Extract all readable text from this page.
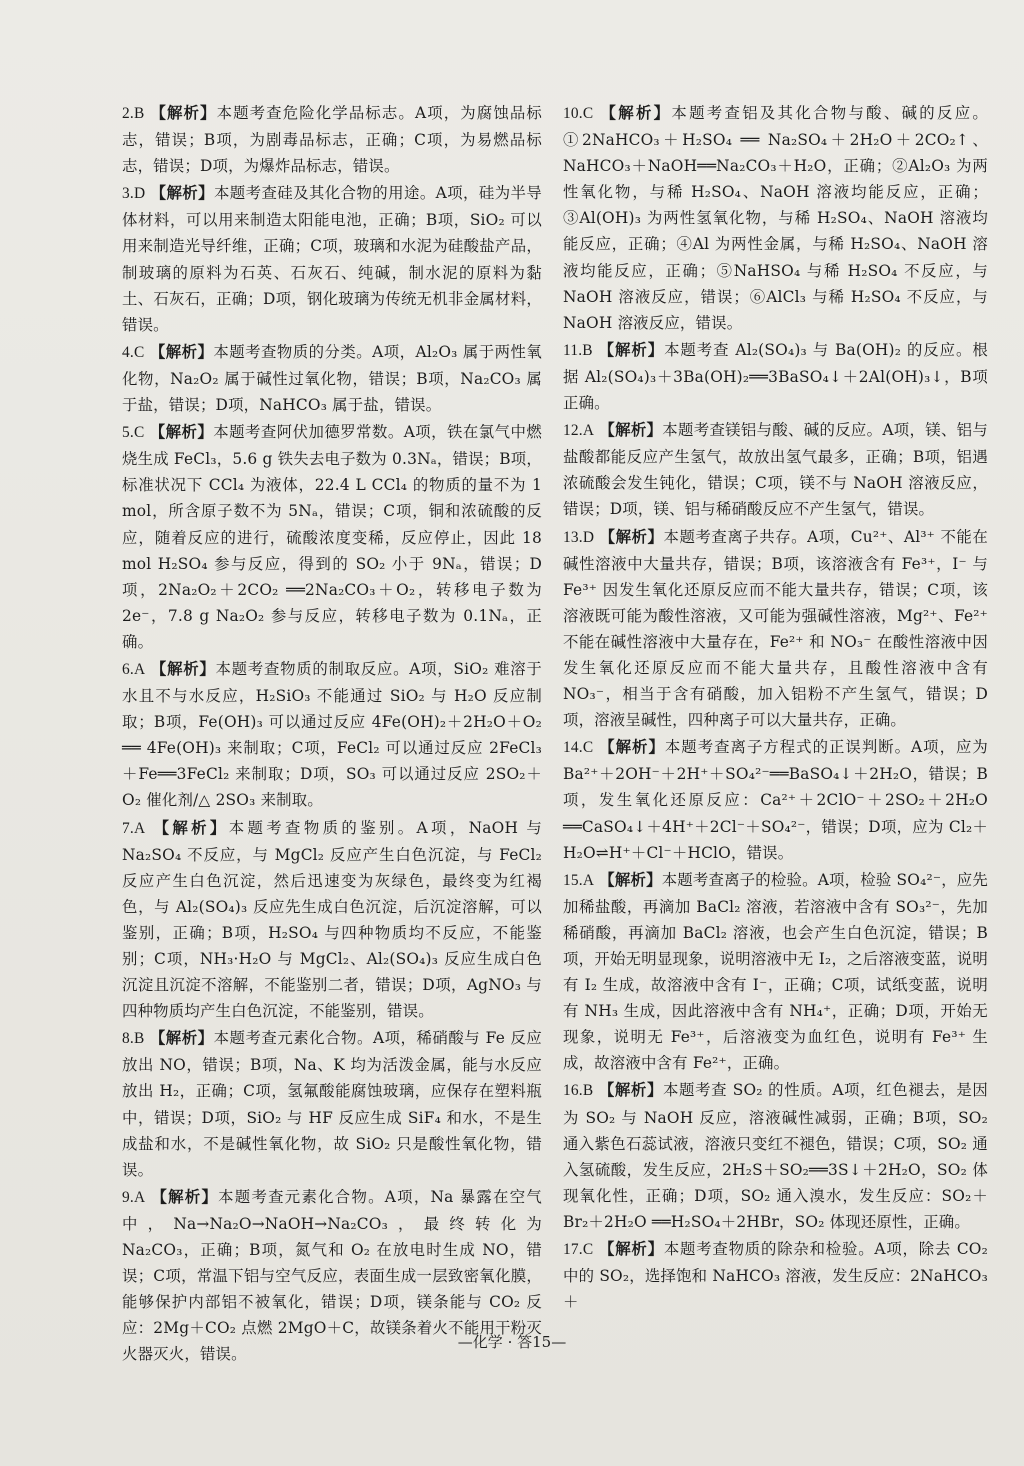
2.B 【解析】本题考查危险化学品标志。A项，为腐蚀品标志，错误；B项，为剧毒品标志，正确；C项，为易燃品标志，错误；D项，为爆炸品标志，错误。

3.D 【解析】本题考查硅及其化合物的用途。A项，硅为半导体材料，可以用来制造太阳能电池，正确；B项，SiO₂ 可以用来制造光导纤维，正确；C项，玻璃和水泥为硅酸盐产品，制玻璃的原料为石英、石灰石、纯碱，制水泥的原料为黏土、石灰石，正确；D项，钢化玻璃为传统无机非金属材料，错误。

4.C 【解析】本题考查物质的分类。A项，Al₂O₃ 属于两性氧化物，Na₂O₂ 属于碱性过氧化物，错误；B项，Na₂CO₃ 属于盐，错误；D项，NaHCO₃ 属于盐，错误。

5.C 【解析】本题考查阿伏加德罗常数。A项，铁在氯气中燃烧生成 FeCl₃，5.6 g 铁失去电子数为 0.3Nₐ，错误；B项，标准状况下 CCl₄ 为液体，22.4 L CCl₄ 的物质的量不为 1 mol，所含原子数不为 5Nₐ，错误；C项，铜和浓硫酸的反应，随着反应的进行，硫酸浓度变稀，反应停止，因此 18 mol H₂SO₄ 参与反应，得到的 SO₂ 小于 9Nₐ，错误；D项，2Na₂O₂＋2CO₂ ══2Na₂CO₃＋O₂，转移电子数为 2e⁻，7.8 g Na₂O₂ 参与反应，转移电子数为 0.1Nₐ，正确。

6.A 【解析】本题考查物质的制取反应。A项，SiO₂ 难溶于水且不与水反应，H₂SiO₃ 不能通过 SiO₂ 与 H₂O 反应制取；B项，Fe(OH)₃ 可以通过反应 4Fe(OH)₂＋2H₂O＋O₂ ══ 4Fe(OH)₃ 来制取；C项，FeCl₂ 可以通过反应 2FeCl₃＋Fe══3FeCl₂ 来制取；D项，SO₃ 可以通过反应 2SO₂＋O₂ 催化剂/△ 2SO₃ 来制取。

7.A 【解析】本题考查物质的鉴别。A项，NaOH 与 Na₂SO₄ 不反应，与 MgCl₂ 反应产生白色沉淀，与 FeCl₂ 反应产生白色沉淀，然后迅速变为灰绿色，最终变为红褐色，与 Al₂(SO₄)₃ 反应先生成白色沉淀，后沉淀溶解，可以鉴别，正确；B项，H₂SO₄ 与四种物质均不反应，不能鉴别；C项，NH₃·H₂O 与 MgCl₂、Al₂(SO₄)₃ 反应生成白色沉淀且沉淀不溶解，不能鉴别二者，错误；D项，AgNO₃ 与四种物质均产生白色沉淀，不能鉴别，错误。

8.B 【解析】本题考查元素化合物。A项，稀硝酸与 Fe 反应放出 NO，错误；B项，Na、K 均为活泼金属，能与水反应放出 H₂，正确；C项，氢氟酸能腐蚀玻璃，应保存在塑料瓶中，错误；D项，SiO₂ 与 HF 反应生成 SiF₄ 和水，不是生成盐和水，不是碱性氧化物，故 SiO₂ 只是酸性氧化物，错误。

9.A 【解析】本题考查元素化合物。A项，Na 暴露在空气中，Na→Na₂O→NaOH→Na₂CO₃，最终转化为 Na₂CO₃，正确；B项，氮气和 O₂ 在放电时生成 NO，错误；C项，常温下铝与空气反应，表面生成一层致密氧化膜，能够保护内部铝不被氧化，错误；D项，镁条能与 CO₂ 反应：2Mg＋CO₂ 点燃 2MgO＋C，故镁条着火不能用干粉灭火器灭火，错误。

10.C 【解析】本题考查铝及其化合物与酸、碱的反应。①2NaHCO₃＋H₂SO₄ ══ Na₂SO₄＋2H₂O＋2CO₂↑、NaHCO₃＋NaOH══Na₂CO₃＋H₂O，正确；②Al₂O₃ 为两性氧化物，与稀 H₂SO₄、NaOH 溶液均能反应，正确；③Al(OH)₃ 为两性氢氧化物，与稀 H₂SO₄、NaOH 溶液均能反应，正确；④Al 为两性金属，与稀 H₂SO₄、NaOH 溶液均能反应，正确；⑤NaHSO₄ 与稀 H₂SO₄ 不反应，与 NaOH 溶液反应，错误；⑥AlCl₃ 与稀 H₂SO₄ 不反应，与 NaOH 溶液反应，错误。

11.B 【解析】本题考查 Al₂(SO₄)₃ 与 Ba(OH)₂ 的反应。根据 Al₂(SO₄)₃＋3Ba(OH)₂══3BaSO₄↓＋2Al(OH)₃↓，B项正确。

12.A 【解析】本题考查镁铝与酸、碱的反应。A项，镁、铝与盐酸都能反应产生氢气，故放出氢气最多，正确；B项，铝遇浓硫酸会发生钝化，错误；C项，镁不与 NaOH 溶液反应，错误；D项，镁、铝与稀硝酸反应不产生氢气，错误。

13.D 【解析】本题考查离子共存。A项，Cu²⁺、Al³⁺ 不能在碱性溶液中大量共存，错误；B项，该溶液含有 Fe³⁺，I⁻ 与 Fe³⁺ 因发生氧化还原反应而不能大量共存，错误；C项，该溶液既可能为酸性溶液，又可能为强碱性溶液，Mg²⁺、Fe²⁺ 不能在碱性溶液中大量存在，Fe²⁺ 和 NO₃⁻ 在酸性溶液中因发生氧化还原反应而不能大量共存，且酸性溶液中含有 NO₃⁻，相当于含有硝酸，加入铝粉不产生氢气，错误；D项，溶液呈碱性，四种离子可以大量共存，正确。

14.C 【解析】本题考查离子方程式的正误判断。A项，应为 Ba²⁺＋2OH⁻＋2H⁺＋SO₄²⁻══BaSO₄↓＋2H₂O，错误；B项，发生氧化还原反应：Ca²⁺＋2ClO⁻＋2SO₂＋2H₂O ══CaSO₄↓＋4H⁺＋2Cl⁻＋SO₄²⁻，错误；D项，应为 Cl₂＋H₂O⇌H⁺＋Cl⁻＋HClO，错误。

15.A 【解析】本题考查离子的检验。A项，检验 SO₄²⁻，应先加稀盐酸，再滴加 BaCl₂ 溶液，若溶液中含有 SO₃²⁻，先加稀硝酸，再滴加 BaCl₂ 溶液，也会产生白色沉淀，错误；B项，开始无明显现象，说明溶液中无 I₂，之后溶液变蓝，说明有 I₂ 生成，故溶液中含有 I⁻，正确；C项，试纸变蓝，说明有 NH₃ 生成，因此溶液中含有 NH₄⁺，正确；D项，开始无现象，说明无 Fe³⁺，后溶液变为血红色，说明有 Fe³⁺ 生成，故溶液中含有 Fe²⁺，正确。

16.B 【解析】本题考查 SO₂ 的性质。A项，红色褪去，是因为 SO₂ 与 NaOH 反应，溶液碱性减弱，正确；B项，SO₂ 通入紫色石蕊试液，溶液只变红不褪色，错误；C项，SO₂ 通入氢硫酸，发生反应，2H₂S＋SO₂══3S↓＋2H₂O，SO₂ 体现氧化性，正确；D项，SO₂ 通入溴水，发生反应：SO₂＋Br₂＋2H₂O ══H₂SO₄＋2HBr，SO₂ 体现还原性，正确。

17.C 【解析】本题考查物质的除杂和检验。A项，除去 CO₂ 中的 SO₂，选择饱和 NaHCO₃ 溶液，发生反应：2NaHCO₃＋

—化学 · 答15—
